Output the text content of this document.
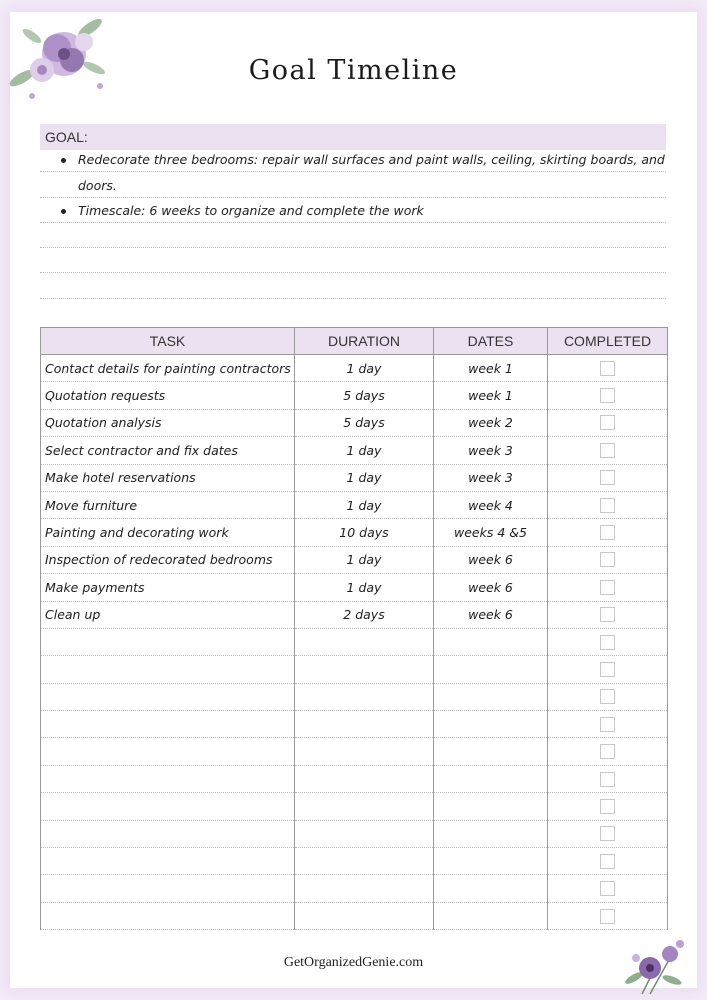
Goal Timeline
GOAL:
Redecorate three bedrooms: repair wall surfaces and paint walls, ceiling, skirting boards, and
doors.
Timescale: 6 weeks to organize and complete the work
TASK	DURATION	DATES	COMPLETED
Contact details for painting contractors	1 day	week 1	

Quotation requests	5 days	week 1	

Quotation analysis	5 days	week 2	

Select contractor and fix dates	1 day	week 3	

Make hotel reservations	1 day	week 3	

Move furniture	1 day	week 4	

Painting and decorating work	10 days	weeks 4 &5	

Inspection of redecorated bedrooms	1 day	week 6	

Make payments	1 day	week 6	

Clean up	2 days	week 6	

GetOrganizedGenie.com
